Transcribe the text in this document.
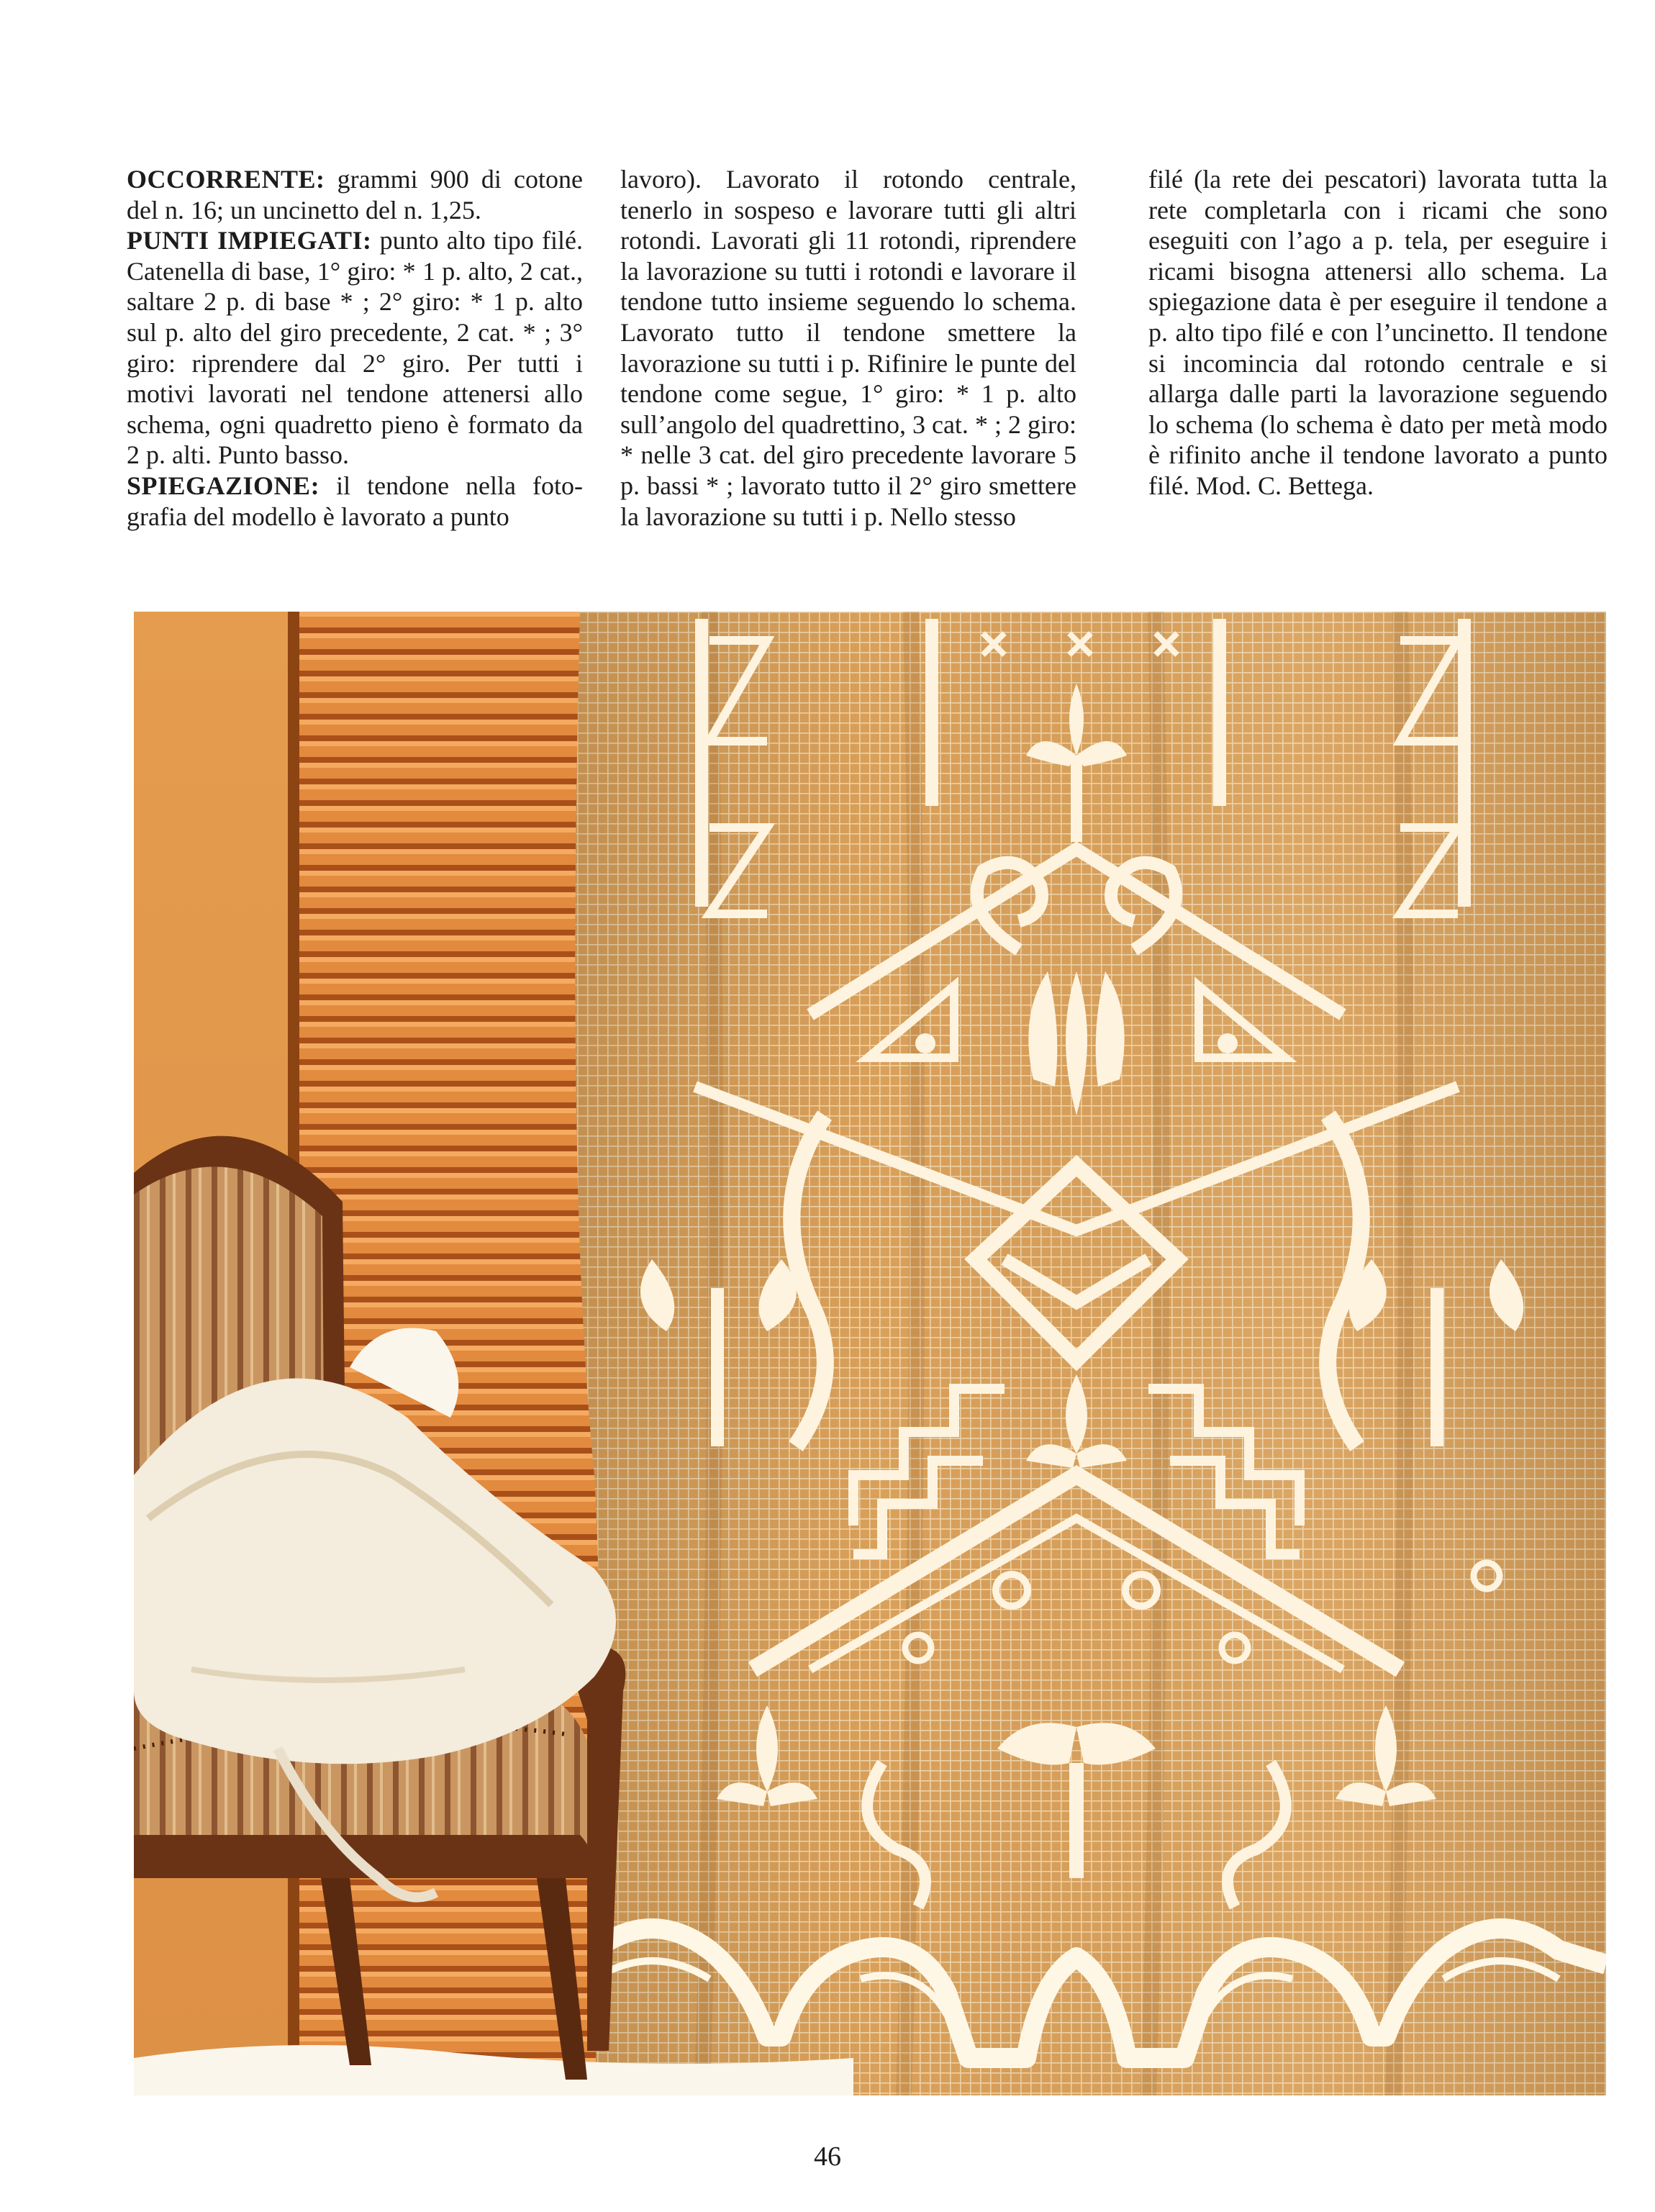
OCCORRENTE: grammi 900 di cotone del n. 16; un uncinetto del n. 1,25.

PUNTI IMPIEGATI: punto alto tipo filé. Catenella di base, 1° giro: * 1 p. alto, 2 cat., saltare 2 p. di base * ; 2° giro: * 1 p. alto sul p. alto del giro precedente, 2 cat. * ; 3° giro: riprendere dal 2° giro. Per tutti i motivi lavorati nel tendone attenersi allo schema, ogni quadretto pieno è formato da 2 p. alti. Punto basso.

SPIEGAZIONE: il tendone nella fotografia del modello è lavorato a punto

lavoro). Lavorato il rotondo centrale, tenerlo in sospeso e lavorare tutti gli altri rotondi. Lavorati gli 11 rotondi, riprendere la lavorazione su tutti i rotondi e lavorare il tendone tutto insieme seguendo lo schema. Lavorato tutto il tendone smettere la lavorazione su tutti i p. Rifinire le punte del tendone come segue, 1° giro: * 1 p. alto sull’angolo del quadrettino, 3 cat. * ; 2 giro: * nelle 3 cat. del giro precedente lavorare 5 p. bassi * ; lavorato tutto il 2° giro smettere la lavorazione su tutti i p. Nello stesso

filé (la rete dei pescatori) lavorata tutta la rete completarla con i ricami che sono eseguiti con l’ago a p. tela, per eseguire i ricami bisogna attenersi allo schema. La spiegazione data è per eseguire il tendone a p. alto tipo filé e con l’uncinetto. Il tendone si incomincia dal rotondo centrale e si allarga dalle parti la lavorazione seguendo lo schema (lo schema è dato per metà modo è rifinito anche il tendone lavorato a punto filé. Mod. C. Bettega.

46
